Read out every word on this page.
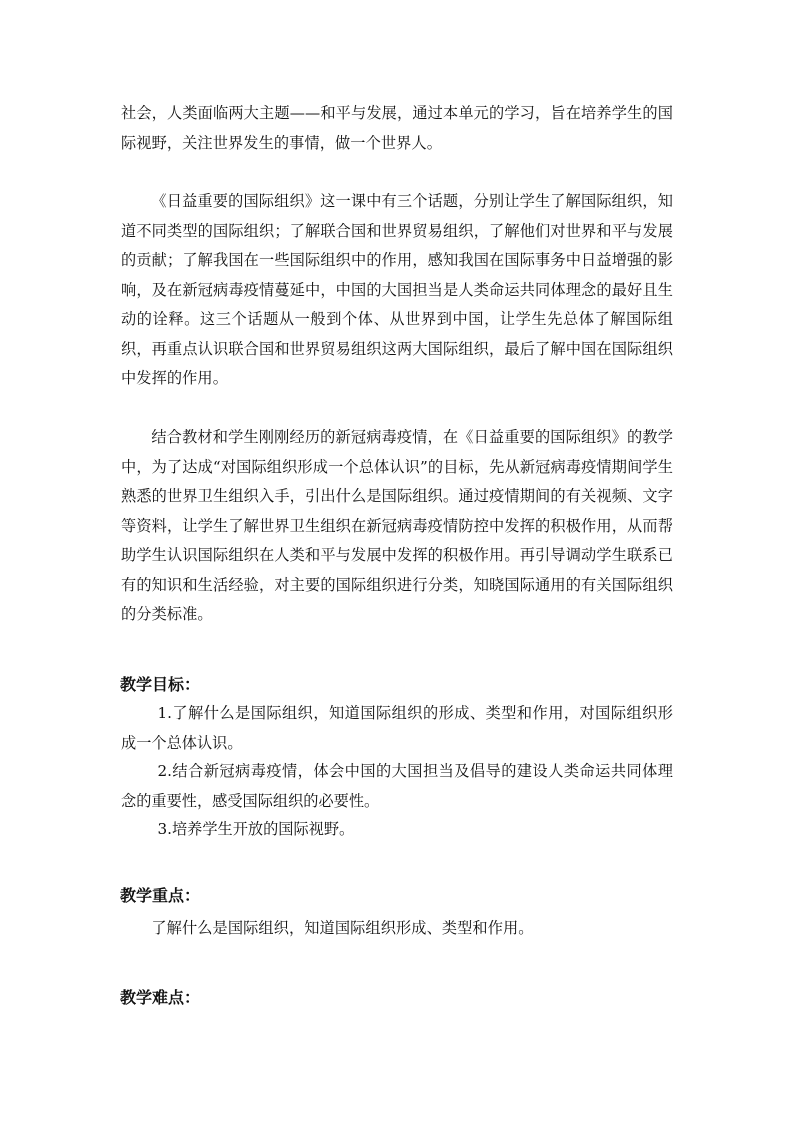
社会，人类面临两大主题——和平与发展，通过本单元的学习，旨在培养学生的国际视野，关注世界发生的事情，做一个世界人。

《日益重要的国际组织》这一课中有三个话题，分别让学生了解国际组织，知道不同类型的国际组织；了解联合国和世界贸易组织，了解他们对世界和平与发展的贡献；了解我国在一些国际组织中的作用，感知我国在国际事务中日益增强的影响，及在新冠病毒疫情蔓延中，中国的大国担当是人类命运共同体理念的最好且生动的诠释。这三个话题从一般到个体、从世界到中国，让学生先总体了解国际组织，再重点认识联合国和世界贸易组织这两大国际组织，最后了解中国在国际组织中发挥的作用。

结合教材和学生刚刚经历的新冠病毒疫情，在《日益重要的国际组织》的教学中，为了达成“对国际组织形成一个总体认识”的目标，先从新冠病毒疫情期间学生熟悉的世界卫生组织入手，引出什么是国际组织。通过疫情期间的有关视频、文字等资料，让学生了解世界卫生组织在新冠病毒疫情防控中发挥的积极作用，从而帮助学生认识国际组织在人类和平与发展中发挥的积极作用。再引导调动学生联系已有的知识和生活经验，对主要的国际组织进行分类，知晓国际通用的有关国际组织的分类标准。

教学目标：

1.了解什么是国际组织，知道国际组织的形成、类型和作用，对国际组织形成一个总体认识。

2.结合新冠病毒疫情，体会中国的大国担当及倡导的建设人类命运共同体理念的重要性，感受国际组织的必要性。

3.培养学生开放的国际视野。

教学重点：

了解什么是国际组织，知道国际组织形成、类型和作用。

教学难点：
